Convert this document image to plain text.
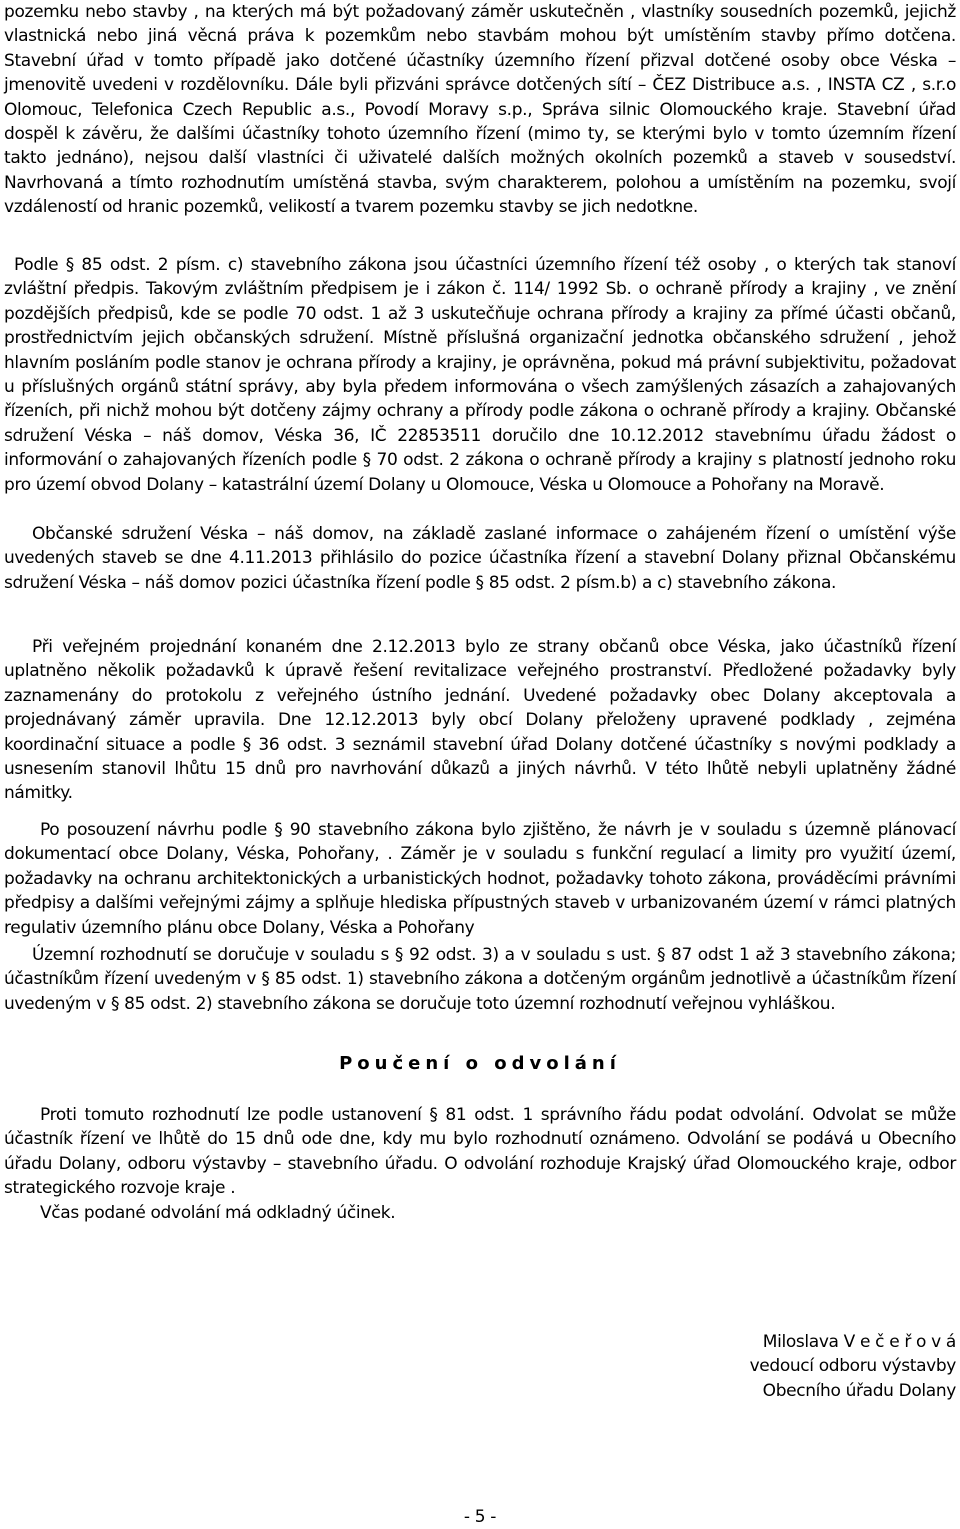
pozemku nebo stavby , na kterých má být požadovaný záměr uskutečněn , vlastníky sousedních pozemků, jejichž vlastnická nebo jiná věcná práva k pozemkům nebo stavbám mohou být umístěním stavby přímo dotčena. Stavební úřad v tomto případě jako dotčené účastníky územního řízení přizval dotčené osoby obce Véska – jmenovitě uvedeni v rozdělovníku. Dále byli přizváni správce dotčených sítí – ČEZ Distribuce a.s. , INSTA CZ , s.r.o Olomouc, Telefonica Czech Republic a.s., Povodí Moravy s.p., Správa silnic Olomouckého kraje. Stavební úřad dospěl k závěru, že dalšími účastníky tohoto územního řízení (mimo ty, se kterými bylo v tomto územním řízení takto jednáno), nejsou další vlastníci či uživatelé dalších možných okolních pozemků a staveb v sousedství. Navrhovaná a tímto rozhodnutím umístěná stavba, svým charakterem, polohou a umístěním na pozemku, svojí vzdáleností od hranic pozemků, velikostí a tvarem pozemku stavby se jich nedotkne.

Podle § 85 odst. 2 písm. c) stavebního zákona jsou účastníci územního řízení též osoby , o kterých tak stanoví zvláštní předpis. Takovým zvláštním předpisem je i zákon č. 114/ 1992 Sb. o ochraně přírody a krajiny , ve znění pozdějších předpisů, kde se podle 70 odst. 1 až 3 uskutečňuje ochrana přírody a krajiny za přímé účasti občanů, prostřednictvím jejich občanských sdružení. Místně příslušná organizační jednotka občanského sdružení , jehož hlavním posláním podle stanov je ochrana přírody a krajiny, je oprávněna, pokud má právní subjektivitu, požadovat u příslušných orgánů státní správy, aby byla předem informována o všech zamýšlených zásazích a zahajovaných řízeních, při nichž mohou být dotčeny zájmy ochrany a přírody podle zákona o ochraně přírody a krajiny. Občanské sdružení Véska – náš domov, Véska 36, IČ 22853511 doručilo dne 10.12.2012 stavebnímu úřadu žádost o informování o zahajovaných řízeních podle § 70 odst. 2 zákona o ochraně přírody a krajiny s platností jednoho roku pro území obvod Dolany – katastrální území Dolany u Olomouce, Véska u Olomouce a Pohořany na Moravě.

Občanské sdružení Véska – náš domov, na základě zaslané informace o zahájeném řízení o umístění výše uvedených staveb se dne 4.11.2013 přihlásilo do pozice účastníka řízení a stavební Dolany přiznal Občanskému sdružení Véska – náš domov pozici účastníka řízení podle § 85 odst. 2 písm.b) a c) stavebního zákona.

Při veřejném projednání konaném dne 2.12.2013 bylo ze strany občanů obce Véska, jako účastníků řízení uplatněno několik požadavků k úpravě řešení revitalizace veřejného prostranství. Předložené požadavky byly zaznamenány do protokolu z veřejného ústního jednání. Uvedené požadavky obec Dolany akceptovala a projednávaný záměr upravila. Dne 12.12.2013 byly obcí Dolany přeloženy upravené podklady , zejména koordinační situace a podle § 36 odst. 3 seznámil stavební úřad Dolany dotčené účastníky s novými podklady a usnesením stanovil lhůtu 15 dnů pro navrhování důkazů a jiných návrhů. V této lhůtě nebyli uplatněny žádné námitky.

Po posouzení návrhu podle § 90 stavebního zákona bylo zjištěno, že návrh je v souladu s územně plánovací dokumentací obce Dolany, Véska, Pohořany, . Záměr je v souladu s funkční regulací a limity pro využití území, požadavky na ochranu architektonických a urbanistických hodnot, požadavky tohoto zákona, prováděcími právními předpisy a dalšími veřejnými zájmy a splňuje hlediska přípustných staveb v urbanizovaném území v rámci platných regulativ územního plánu obce Dolany, Véska a Pohořany

Územní rozhodnutí se doručuje v souladu s § 92 odst. 3) a v souladu s ust. § 87 odst 1 až 3 stavebního zákona; účastníkům řízení uvedeným v § 85 odst. 1) stavebního zákona a dotčeným orgánům jednotlivě a účastníkům řízení uvedeným v § 85 odst. 2) stavebního zákona se doručuje toto územní rozhodnutí veřejnou vyhláškou.

Poučení o odvolání

Proti tomuto rozhodnutí lze podle ustanovení § 81 odst. 1 správního řádu podat odvolání. Odvolat se může účastník řízení ve lhůtě do 15 dnů ode dne, kdy mu bylo rozhodnutí oznámeno. Odvolání se podává u Obecního úřadu Dolany, odboru výstavby – stavebního úřadu. O odvolání rozhoduje Krajský úřad Olomouckého kraje, odbor strategického rozvoje kraje .
Včas podané odvolání má odkladný účinek.

Miloslava V e č e ř o v á
vedoucí odboru výstavby
Obecního úřadu Dolany
- 5 -
